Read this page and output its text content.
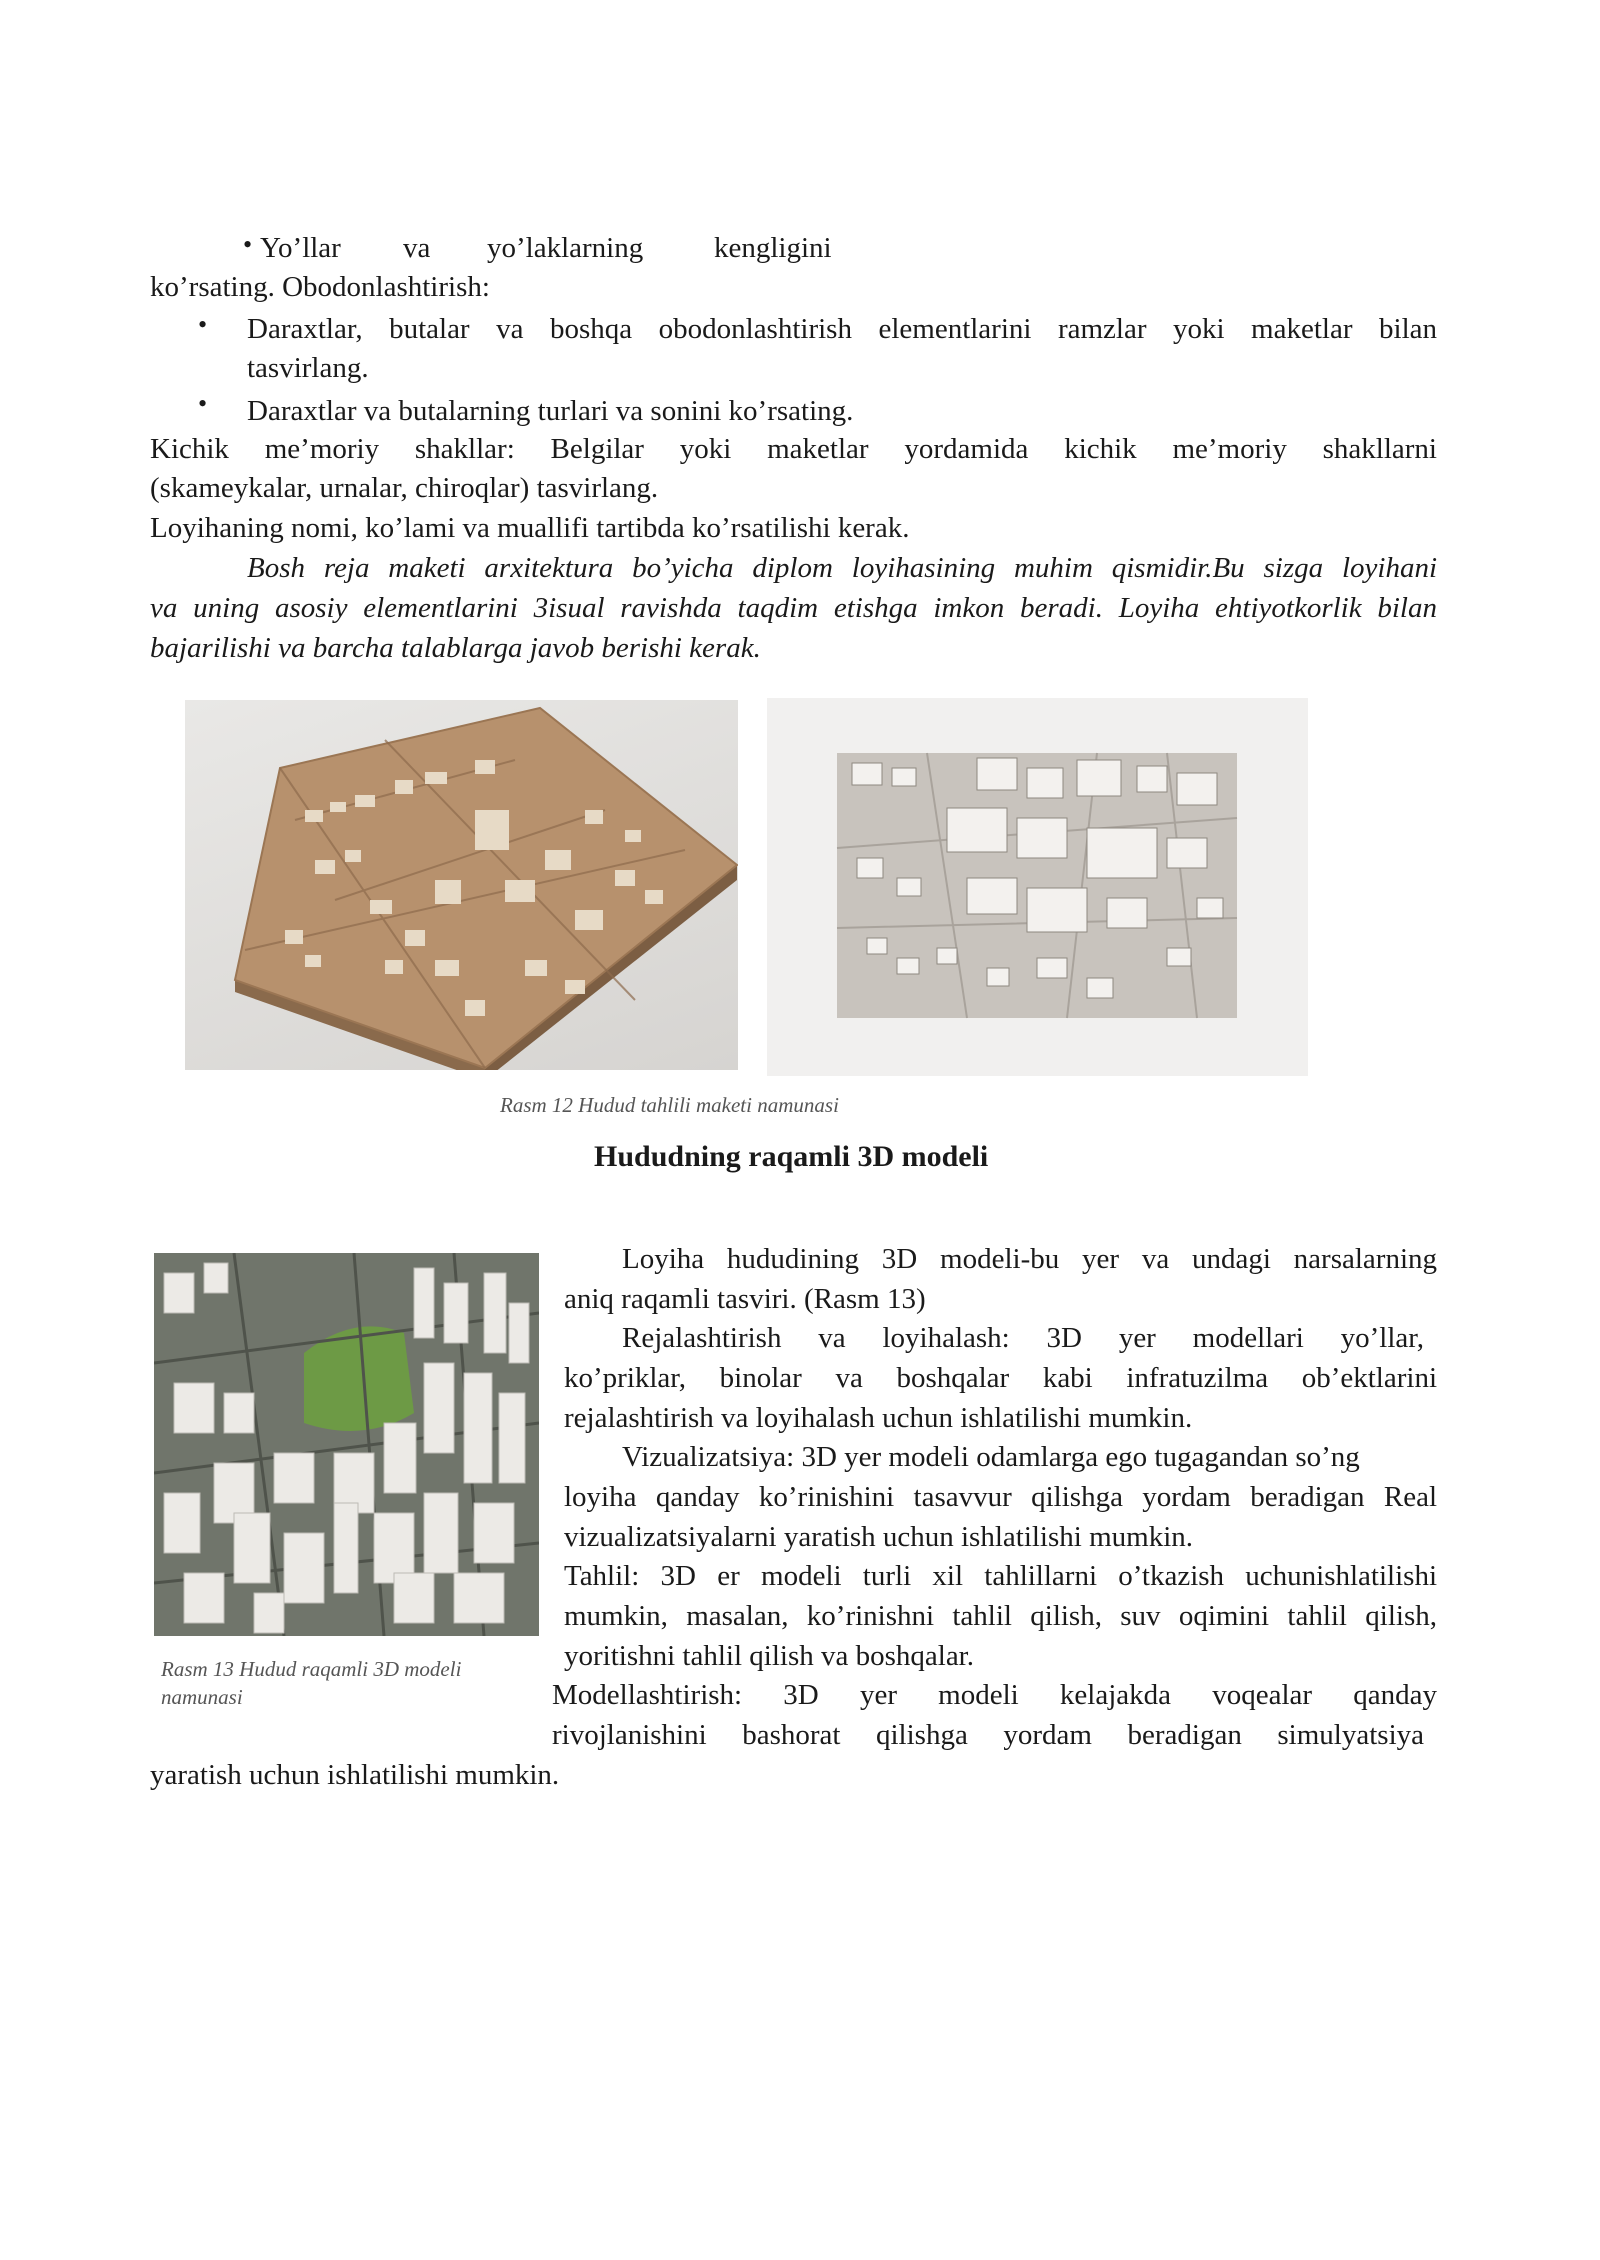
• Yo’llar va yo’laklarning kengligini
ko’rsating. Obodonlashtirish:
• Daraxtlar, butalar va boshqa obodonlashtirish elementlarini ramzlar yoki maketlar bilan
tasvirlang.
• Daraxtlar va butalarning turlari va sonini ko’rsating.
Kichik me’moriy shakllar: Belgilar yoki maketlar yordamida kichik me’moriy shakllarni
(skameykalar, urnalar, chiroqlar) tasvirlang.
Loyihaning nomi, ko’lami va muallifi tartibda ko’rsatilishi kerak.
Bosh reja maketi arxitektura bo’yicha diplom loyihasining muhim qismidir.Bu sizga loyihani
va uning asosiy elementlarini 3isual ravishda taqdim etishga imkon beradi. Loyiha ehtiyotkorlik bilan
bajarilishi va barcha talablarga javob berishi kerak.
Rasm 12 Hudud tahlili maketi namunasi
Hududning raqamli 3D modeli
Rasm 13 Hudud raqamli 3D modeli
namunasi
Loyiha hududining 3D modeli-bu yer va undagi narsalarning
aniq raqamli tasviri. (Rasm 13)
Rejalashtirish va loyihalash: 3D yer modellari yo’llar,
ko’priklar, binolar va boshqalar kabi infratuzilma ob’ektlarini
rejalashtirish va loyihalash uchun ishlatilishi mumkin.
Vizualizatsiya: 3D yer modeli odamlarga ego tugagandan so’ng
loyiha qanday ko’rinishini tasavvur qilishga yordam beradigan Real
vizualizatsiyalarni yaratish uchun ishlatilishi mumkin.
Tahlil: 3D er modeli turli xil tahlillarni o’tkazish uchunishlatilishi
mumkin, masalan, ko’rinishni tahlil qilish, suv oqimini tahlil qilish,
yoritishni tahlil qilish va boshqalar.
Modellashtirish: 3D yer modeli kelajakda voqealar qanday
rivojlanishini bashorat qilishga yordam beradigan simulyatsiya
yaratish uchun ishlatilishi mumkin.
